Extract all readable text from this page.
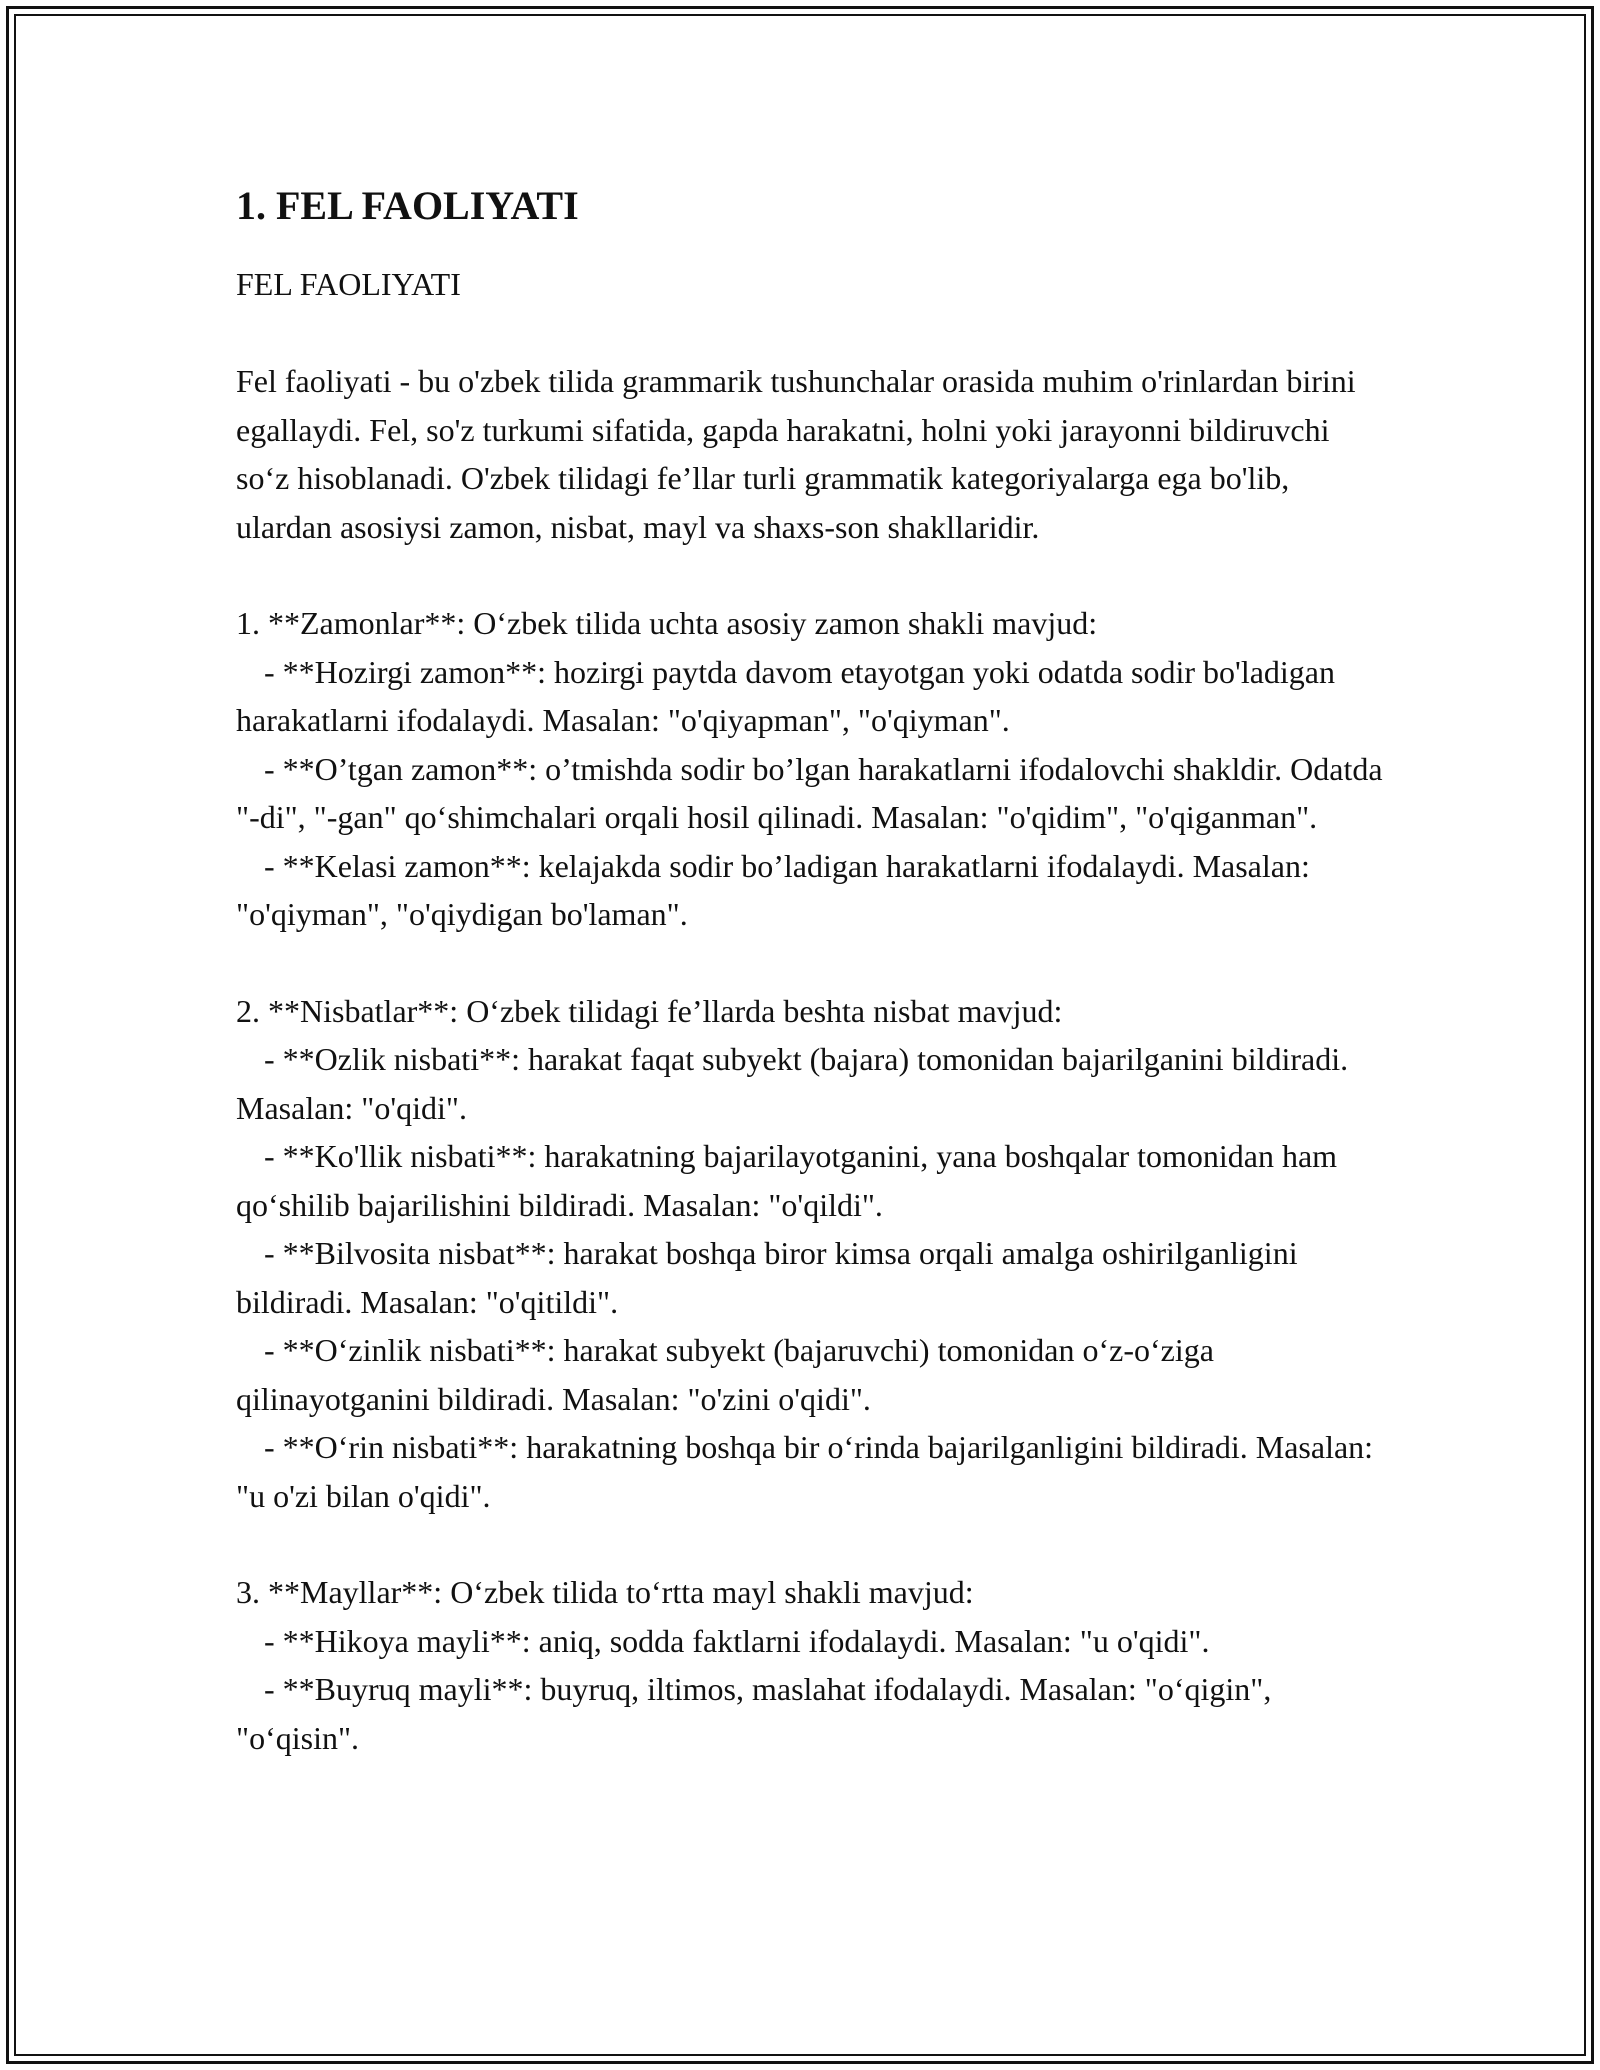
1. FEL FAOLIYATI
FEL FAOLIYATI

Fel faoliyati - bu o'zbek tilida grammarik tushunchalar orasida muhim o'rinlardan birini egallaydi. Fel, so'z turkumi sifatida, gapda harakatni, holni yoki jarayonni bildiruvchi so‘z hisoblanadi. O'zbek tilidagi fe’llar turli grammatik kategoriyalarga ega bo'lib, ulardan asosiysi zamon, nisbat, mayl va shaxs-son shakllaridir.

1. **Zamonlar**: O‘zbek tilida uchta asosiy zamon shakli mavjud:

- **Hozirgi zamon**: hozirgi paytda davom etayotgan yoki odatda sodir bo'ladigan harakatlarni ifodalaydi. Masalan: "o'qiyapman", "o'qiyman".

- **O’tgan zamon**: o’tmishda sodir bo’lgan harakatlarni ifodalovchi shakldir. Odatda "-di", "-gan" qo‘shimchalari orqali hosil qilinadi. Masalan: "o'qidim", "o'qiganman".

- **Kelasi zamon**: kelajakda sodir bo’ladigan harakatlarni ifodalaydi. Masalan: "o'qiyman", "o'qiydigan bo'laman".

2. **Nisbatlar**: O‘zbek tilidagi fe’llarda beshta nisbat mavjud:

- **Ozlik nisbati**: harakat faqat subyekt (bajara) tomonidan bajarilganini bildiradi. Masalan: "o'qidi".

- **Ko'llik nisbati**: harakatning bajarilayotganini, yana boshqalar tomonidan ham qo‘shilib bajarilishini bildiradi. Masalan: "o'qildi".

- **Bilvosita nisbat**: harakat boshqa biror kimsa orqali amalga oshirilganligini bildiradi. Masalan: "o'qitildi".

- **O‘zinlik nisbati**: harakat subyekt (bajaruvchi) tomonidan o‘z-o‘ziga qilinayotganini bildiradi. Masalan: "o'zini o'qidi".

- **O‘rin nisbati**: harakatning boshqa bir o‘rinda bajarilganligini bildiradi. Masalan: "u o'zi bilan o'qidi".

3. **Mayllar**: O‘zbek tilida to‘rtta mayl shakli mavjud:

- **Hikoya mayli**: aniq, sodda faktlarni ifodalaydi. Masalan: "u o'qidi".

- **Buyruq mayli**: buyruq, iltimos, maslahat ifodalaydi. Masalan: "o‘qigin", "o‘qisin".
